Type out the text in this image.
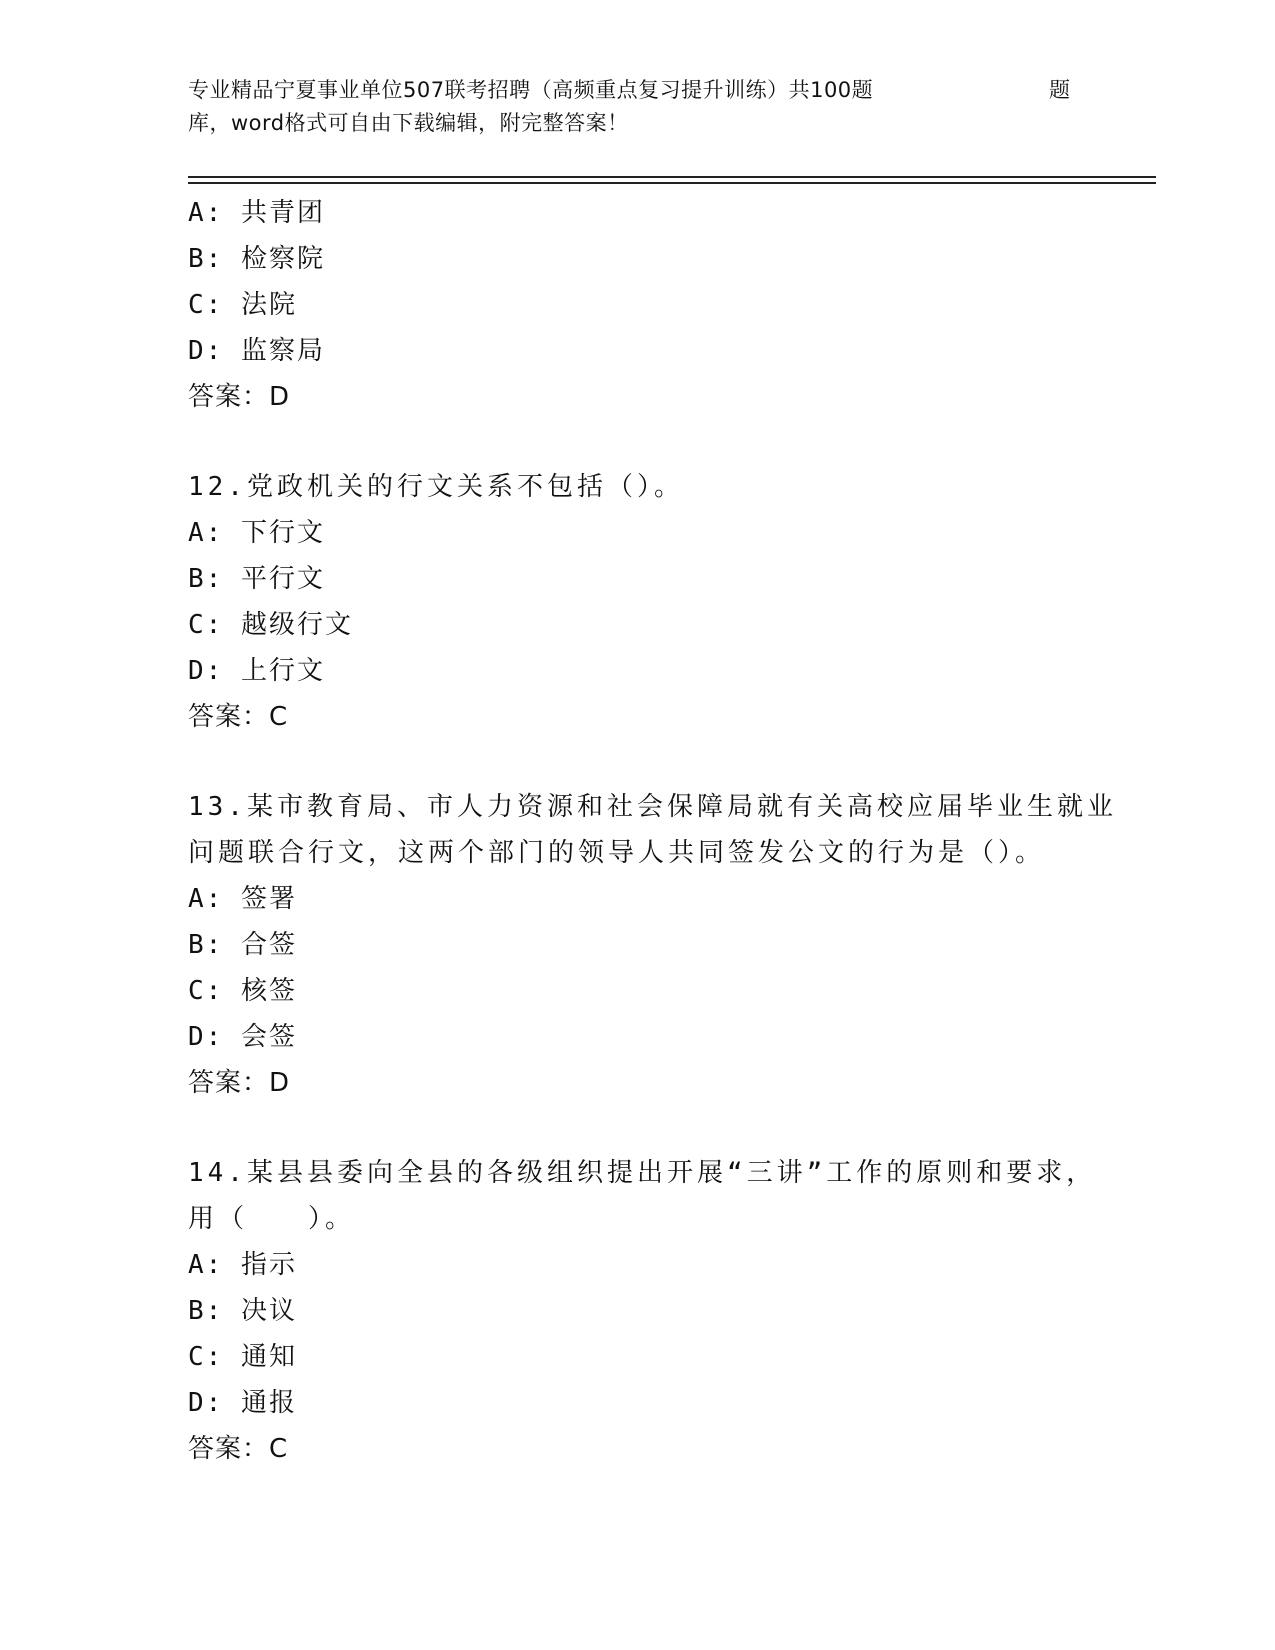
专业精品宁夏事业单位507联考招聘（高频重点复习提升训练）共100题
库，word格式可自由下载编辑，附完整答案！
题
A: 共青团
B: 检察院
C: 法院
D: 监察局
答案：D
12.党政机关的行文关系不包括（）。
A: 下行文
B: 平行文
C: 越级行文
D: 上行文
答案：C
13.某市教育局、市人力资源和社会保障局就有关高校应届毕业生就业
问题联合行文，这两个部门的领导人共同签发公文的行为是（）。
A: 签署
B: 合签
C: 核签
D: 会签
答案：D
14.某县县委向全县的各级组织提出开展“三讲”工作的原则和要求，
用（　　）。
A: 指示
B: 决议
C: 通知
D: 通报
答案：C
